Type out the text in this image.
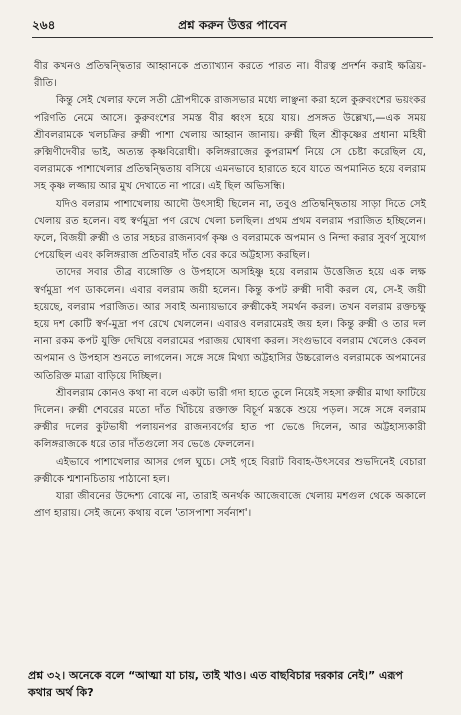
২৬৪	প্রশ্ন করুন উত্তর পাবেন

বীর কখনও প্রতিদ্বন্দ্বিতার আহ্বানকে প্রত্যাখ্যান করতে পারত না। বীরত্ব প্রদর্শন করাই ক্ষত্রিয়-রীতি।

কিন্তু সেই খেলার ফলে সতী দ্রৌপদীকে রাজসভার মধ্যে লাঞ্ছনা করা হলে কুরুবংশের ভয়ংকর পরিণতি নেমে আসে। কুরুবংশের সমস্ত বীর ধ্বংস হয়ে যায়। প্রসঙ্গত উল্লেখ্য,—এক সময় শ্রীবলরামকে খলচক্রির রুক্মী পাশা খেলায় আহ্বান জানায়। রুক্মী ছিল শ্রীকৃষ্ণের প্রধানা মহিষী রুক্মিণীদেবীর ভাই, অত্যন্ত কৃষ্ণবিরোধী। কলিঙ্গরাজের কুপরামর্শ নিয়ে সে চেষ্টা করেছিল যে, বলরামকে পাশাখেলার প্রতিদ্বন্দ্বিতায় বসিয়ে এমনভাবে হারাতে হবে যাতে অপমানিত হয়ে বলরাম সহ কৃষ্ণ লজ্জায় আর মুখ দেখাতে না পারে। এই ছিল অভিসন্ধি।

যদিও বলরাম পাশাখেলায় আদৌ উৎসাহী ছিলেন না, তবুও প্রতিদ্বন্দ্বিতায় সাড়া দিতে সেই খেলায় রত হলেন। বহু স্বর্ণমুদ্রা পণ রেখে খেলা চলছিল। প্রথম প্রথম বলরাম পরাজিত হচ্ছিলেন। ফলে, বিজয়ী রুক্মী ও তার সহচর রাজন্যবর্গ কৃষ্ণ ও বলরামকে অপমান ও নিন্দা করার সুবর্ণ সুযোগ পেয়েছিল এবং কলিঙ্গরাজ প্রতিবারই দাঁত বের করে অট্টহাস্য করছিল।

তাদের সবার তীব্র ব্যঙ্গোক্তি ও উপহাসে অসহিষ্ণু হয়ে বলরাম উত্তেজিত হয়ে এক লক্ষ স্বর্ণমুদ্রা পণ ডাকলেন। এবার বলরাম জয়ী হলেন। কিন্তু কপট রুক্মী দাবী করল যে, সে-ই জয়ী হয়েছে, বলরাম পরাজিত। আর সবাই অন্যায়ভাবে রুক্মীকেই সমর্থন করল। তখন বলরাম রক্তচক্ষু হয়ে দশ কোটি স্বর্ণ-মুদ্রা পণ রেখে খেললেন। এবারও বলরামেরই জয় হল। কিন্তু রুক্মী ও তার দল নানা রকম কপট যুক্তি দেখিয়ে বলরামের পরাজয় ঘোষণা করল। সংগুভাবে বলরাম খেলেও কেবল অপমান ও উপহাস শুনতে লাগলেন। সঙ্গে সঙ্গে মিথ্যা অট্টহাসির উচ্চরোলও বলরামকে অপমানের অতিরিক্ত মাত্রা বাড়িয়ে দিচ্ছিল।

শ্রীবলরাম কোনও কথা না বলে একটা ভারী গদা হাতে তুলে নিয়েই সহসা রুক্মীর মাথা ফাটিয়ে দিলেন। রুক্মী শেবরের মতো দাঁত খিঁচিয়ে রক্তাক্ত বিচূর্ণ মস্তকে শুয়ে পড়ল। সঙ্গে সঙ্গে বলরাম রুক্মীর দলের কুটভাষী পলায়নপর রাজন্যবর্গের হাত পা ভেঙে দিলেন, আর অট্টহাস্যকারী কলিঙ্গরাজকে ধরে তার দাঁতগুলো সব ভেঙে ফেললেন।

এইভাবে পাশাখেলার আসর গেল ঘুচে। সেই গৃহে বিরাট বিবাহ-উৎসবের শুভদিনেই বেচারা রুক্মীকে শ্মশানচিতায় পাঠানো হল।

যারা জীবনের উদ্দেশ্য বোঝে না, তারাই অনর্থক আজেবাজে খেলায় মশগুল থেকে অকালে প্রাণ হারায়। সেই জন্যে কথায় বলে 'তাসপাশা সর্বনাশ'।

প্রশ্ন ৩২। অনেকে বলে “আত্মা যা চায়, তাই খাও। এত বাছবিচার দরকার নেই।” এরূপ কথার অর্থ কি?
